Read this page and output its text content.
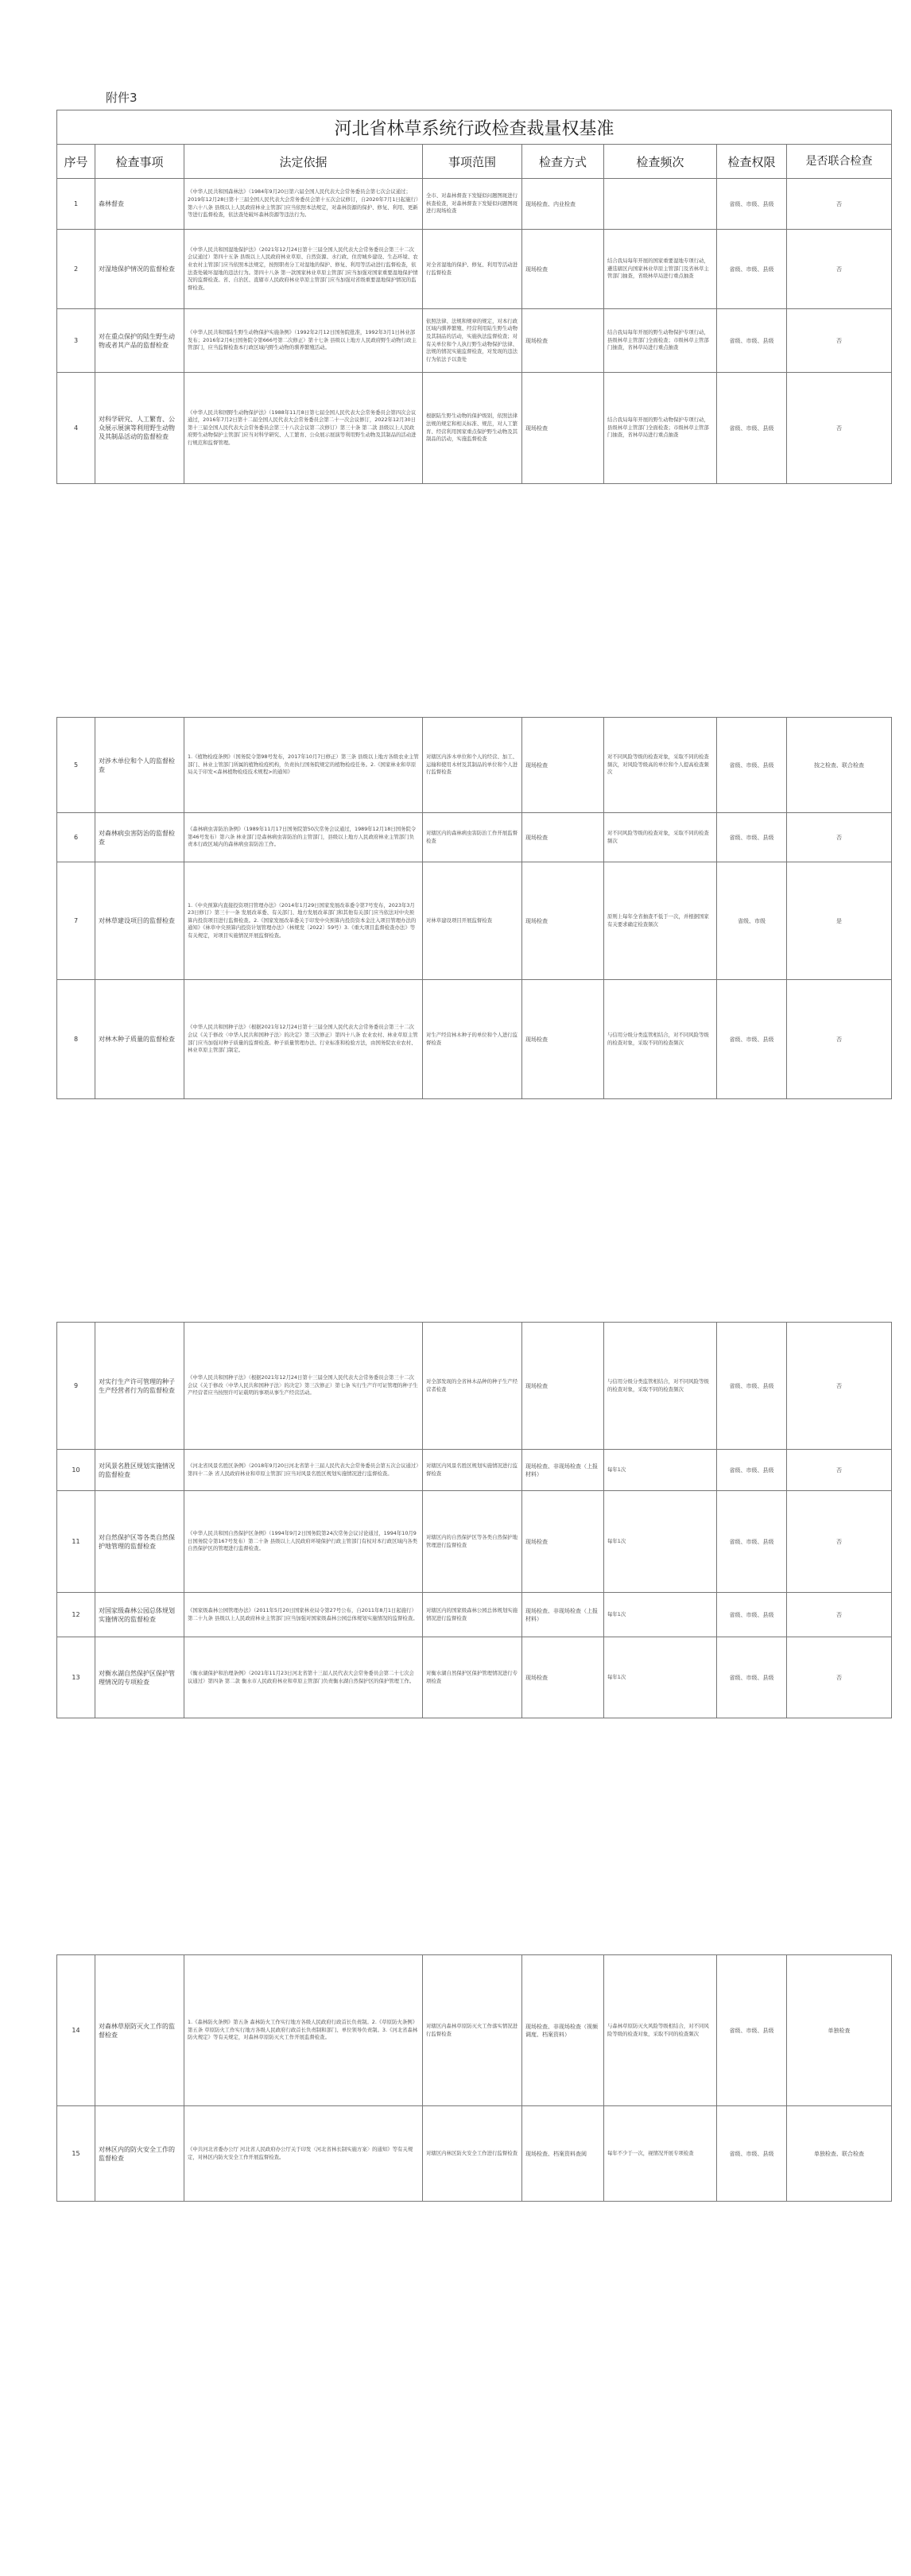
附件3
河北省林草系统行政检查裁量权基准							
序号	检查事项	法定依据	事项范围	检查方式	检查频次	检查权限	是否联合检查
1	森林督查	《中华人民共和国森林法》（1984年9月20日第六届全国人民代表大会常务委员会第七次会议通过；2019年12月28日第十三届全国人民代表大会常务委员会第十五次会议修订，自2020年7月1日起施行）第六十八条 县级以上人民政府林业主管部门应当依照本法规定，对森林资源的保护、修复、利用、更新等进行监督检查，依法查处破坏森林资源等违法行为。	全市、对森林督查下发疑似问题图斑进行核查检查，对森林督查下发疑似问题图斑进行现场检查	现场检查、内业检查		省级、市级、县级	否
2	对湿地保护情况的监督检查	《中华人民共和国湿地保护法》（2021年12月24日第十三届全国人民代表大会常务委员会第三十二次会议通过）第四十五条 县级以上人民政府林业草原、自然资源、水行政、住房城乡建设、生态环境、农业农村主管部门应当依照本法规定，按照职责分工对湿地的保护、修复、利用等活动进行监督检查，依法查处破坏湿地的违法行为。第四十八条 第一款国家林业草原主管部门应当加强对国家重要湿地保护情况的监督检查。省、自治区、直辖市人民政府林业草原主管部门应当加强对省级重要湿地保护情况的监督检查。	对全省湿地的保护、修复、利用等活动进行监督检查	现场检查	结合我局每年开展的国家重要湿地专项行动，遴选辖区内国家林业草原主管部门及省林草主管部门抽查，省级林草局进行重点抽查	省级、市级、县级	否
3	对在重点保护的陆生野生动物或者其产品的监督检查	《中华人民共和国陆生野生动物保护实施条例》（1992年2月12日国务院批准，1992年3月1日林业部发布；2016年2月6日国务院令第666号第二次修正）第十七条 县级以上地方人民政府野生动物行政主管部门，应当监督检查本行政区域内野生动物的驯养繁殖活动。	依照法律、法规和规章的规定，对本行政区域内驯养繁殖、经营利用陆生野生动物及其制品的活动，实施执法监督检查；对有关单位和个人执行野生动物保护法律、法规的情况实施监督检查，对发现的违法行为依法予以查处	现场检查	结合我局每年开展的野生动物保护专项行动，县级林草主管部门全面检查；市级林草主管部门抽查，省林草局进行重点抽查	省级、市级、县级	否
4	对科学研究、人工繁育、公众展示展演等利用野生动物及其制品活动的监督检查	《中华人民共和国野生动物保护法》（1988年11月8日第七届全国人民代表大会常务委员会第四次会议通过，2016年7月2日第十二届全国人民代表大会常务委员会第二十一次会议修订，2022年12月30日第十三届全国人民代表大会常务委员会第三十八次会议第二次修订）第三十条 第二款 县级以上人民政府野生动物保护主管部门应当对科学研究、人工繁育、公众展示展演等利用野生动物及其制品的活动进行规范和监督管理。	根据陆生野生动物的保护级别，依照法律法规的规定和相关标准、规范，对人工繁育、经营利用国家重点保护野生动物及其制品的活动，实施监督检查	现场检查	结合我局每年开展的野生动物保护专项行动，县级林草主管部门全面检查；市级林草主管部门抽查，省林草局进行重点抽查	省级、市级、县级	否
5	对涉木单位和个人的监督检查	1.《植物检疫条例》（国务院令第98号发布，2017年10月7日修正）第三条 县级以上地方各级农业主管部门、林业主管部门所属的植物检疫机构，负责执行国务院规定的植物检疫任务。2.《国家林业和草原局关于印发<森林植物检疫技术规程>的通知》	对辖区内涉木单位和个人的经营、加工、运输和使用木材及其制品的单位和个人进行监督检查	现场检查	对不同风险等级的检查对象，采取不同的检查频次，对风险等级高的单位和个人提高检查频次	省级、市级、县级	按之检查、联合检查
6	对森林病虫害防治的监督检查	《森林病虫害防治条例》（1989年11月17日国务院第50次常务会议通过，1989年12月18日国务院令第46号发布）第六条 林业部门是森林病虫害防治的主管部门，县级以上地方人民政府林业主管部门负责本行政区域内的森林病虫害防治工作。	对辖区内的森林病虫害防治工作开展监督检查	现场检查	对不同风险等级的检查对象，采取不同的检查频次	省级、市级、县级	否
7	对林草建设项目的监督检查	1.《中央预算内直接投资项目管理办法》（2014年1月29日国家发展改革委令第7号发布，2023年3月23日修订）第三十一条 发展改革委、有关部门、地方发展改革部门和其他有关部门应当依法对中央预算内投资项目进行监督检查。2.《国家发展改革委关于印发中央预算内投资资本金注入项目管理办法的通知》《林草中央预算内投资计划管理办法》（林规发〔2022〕59号）3.《重大项目监督检查办法》等有关规定，对项目实施情况开展监督检查。	对林草建设项目开展监督检查	现场检查	原则上每年全省抽查不低于一次，并根据国家有关要求确定检查频次	省级、市级	是
8	对林木种子质量的监督检查	《中华人民共和国种子法》（根据2021年12月24日第十三届全国人民代表大会常务委员会第三十二次会议《关于修改〈中华人民共和国种子法〉的决定》第三次修正）第四十八条 农业农村、林业草原主管部门应当加强对种子质量的监督检查。种子质量管理办法、行业标准和检验方法，由国务院农业农村、林业草原主管部门制定。	对生产经营林木种子的单位和个人进行监督检查	现场检查	与信用分级分类监管相结合，对不同风险等级的检查对象，采取不同的检查频次	省级、市级、县级	否
9	对实行生产许可管理的种子生产经营者行为的监督检查	《中华人民共和国种子法》（根据2021年12月24日第十三届全国人民代表大会常务委员会第三十二次会议《关于修改〈中华人民共和国种子法〉的决定》第三次修正）第七条 实行生产许可证管理的种子生产经营者应当按照许可证载明的事项从事生产经营活动。	对全部发现的全省林木品种的种子生产经营者检查	现场检查	与信用分级分类监管相结合，对不同风险等级的检查对象，采取不同的检查频次	省级、市级、县级	否
10	对风景名胜区规划实施情况的监督检查	《河北省风景名胜区条例》（2018年9月20日河北省第十三届人民代表大会常务委员会第五次会议通过）第四十二条 省人民政府林业和草原主管部门应当对风景名胜区规划实施情况进行监督检查。	对辖区内风景名胜区规划实施情况进行监督检查	现场检查、非现场检查（上报材料）	每年1次	省级、市级、县级	否
11	对自然保护区等各类自然保护地管理的监督检查	《中华人民共和国自然保护区条例》（1994年9月2日国务院第24次常务会议讨论通过，1994年10月9日国务院令第167号发布）第二十条 县级以上人民政府环境保护行政主管部门有权对本行政区域内各类自然保护区的管理进行监督检查。	对辖区内的自然保护区等各类自然保护地管理进行监督检查	现场检查	每年1次	省级、市级、县级	否
12	对国家级森林公园总体规划实施情况的监督检查	《国家级森林公园管理办法》（2011年5月20日国家林业局令第27号公布，自2011年8月1日起施行）第二十九条 县级以上人民政府林业主管部门应当加强对国家级森林公园总体规划实施情况的监督检查。	对辖区内的国家级森林公园总体规划实施情况进行监督检查	现场检查、非现场检查（上报材料）	每年1次	省级、市级、县级	否
13	对衡水湖自然保护区保护管理情况的专项检查	《衡水湖保护和治理条例》（2021年11月23日河北省第十三届人民代表大会常务委员会第二十七次会议通过）第四条 第二款 衡水市人民政府林业和草原主管部门负责衡水湖自然保护区的保护管理工作。	对衡水湖自然保护区保护管理情况进行专项检查	现场检查	每年1次	省级、市级、县级	否
14	对森林草原防灭火工作的监督检查	1.《森林防火条例》第五条 森林防火工作实行地方各级人民政府行政首长负责制。2.《草原防火条例》第五条 草原防火工作实行地方各级人民政府行政首长负责制和部门、单位领导负责制。3.《河北省森林防火规定》等有关规定，对森林草原防灭火工作开展监督检查。	对辖区内森林草原防灭火工作落实情况进行监督检查	现场检查、非现场检查（视频调度、档案资料）	与森林草原防灭火风险等级相结合，对不同风险等级的检查对象，采取不同的检查频次	省级、市级、县级	单独检查
15	对林区内的防火安全工作的监督检查	《中共河北省委办公厅 河北省人民政府办公厅关于印发〈河北省林长制实施方案〉的通知》等有关规定，对林区内防火安全工作开展监督检查。	对辖区内林区防火安全工作进行监督检查	现场检查、档案资料查阅	每年不少于一次，视情况开展专项检查	省级、市级、县级	单独检查、联合检查
